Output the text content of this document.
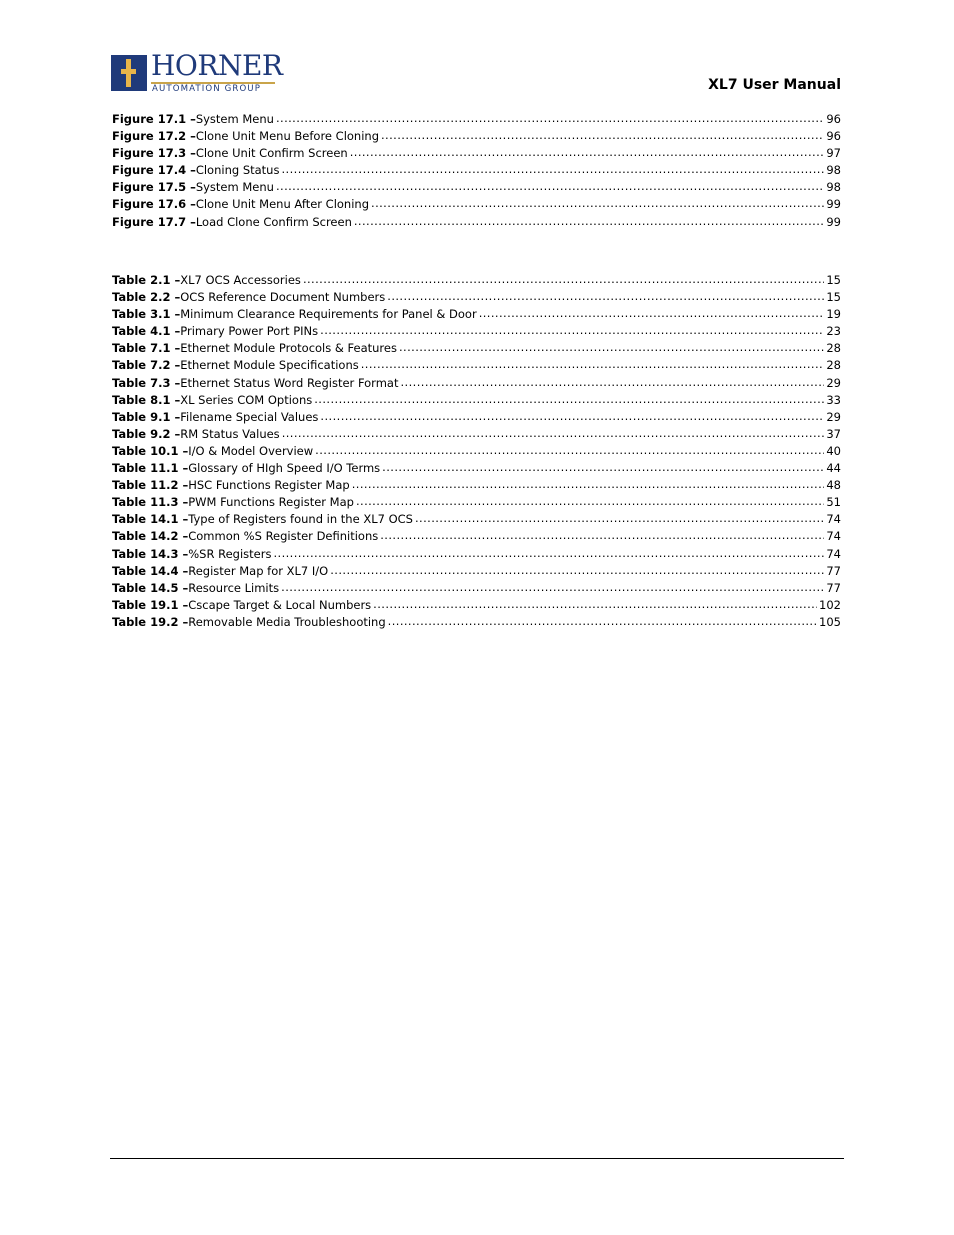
HORNER
AUTOMATION GROUP	XL7 User Manual
Figure 17.1 – System Menu .....	96
Figure 17.2 – Clone Unit Menu Before Cloning .....	96
Figure 17.3 – Clone Unit Confirm Screen .....	97
Figure 17.4 – Cloning Status .....	98
Figure 17.5 – System Menu .....	98
Figure 17.6 – Clone Unit Menu After Cloning .....	99
Figure 17.7 – Load Clone Confirm Screen .....	99
Table 2.1 – XL7 OCS Accessories .....	15
Table 2.2 – OCS Reference Document Numbers .....	15
Table 3.1 – Minimum Clearance Requirements for Panel & Door .....	19
Table 4.1 – Primary Power Port PINs .....	23
Table 7.1 – Ethernet Module Protocols & Features .....	28
Table 7.2 – Ethernet Module Specifications .....	28
Table 7.3 – Ethernet Status Word Register Format .....	29
Table 8.1 – XL Series COM Options .....	33
Table 9.1 – Filename Special Values .....	29
Table 9.2 – RM Status Values .....	37
Table 10.1 – I/O & Model Overview .....	40
Table 11.1 – Glossary of HIgh Speed I/O Terms .....	44
Table 11.2 – HSC Functions Register Map .....	48
Table 11.3 – PWM Functions Register Map .....	51
Table 14.1 – Type of Registers found in the XL7 OCS .....	74
Table 14.2 – Common %S Register Definitions .....	74
Table 14.3 – %SR Registers .....	74
Table 14.4 – Register Map for XL7 I/O .....	77
Table 14.5 – Resource Limits .....	77
Table 19.1 – Cscape Target & Local Numbers .....	102
Table 19.2 – Removable Media Troubleshooting .....	105
